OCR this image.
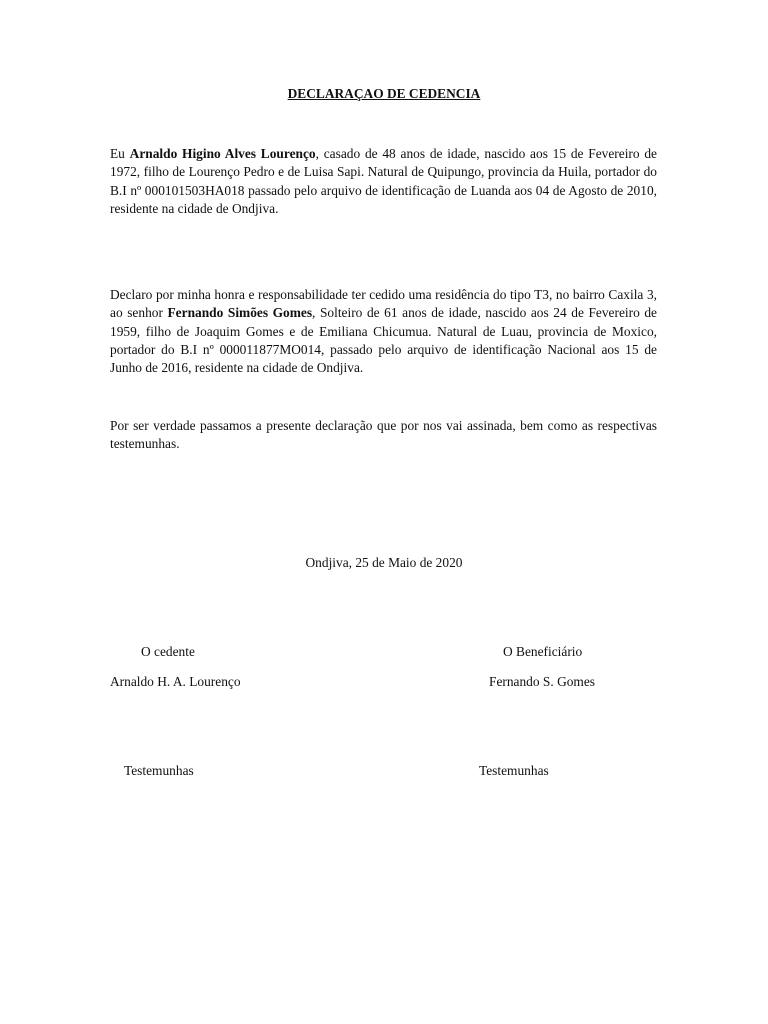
DECLARAÇAO DE CEDENCIA
Eu Arnaldo Higino Alves Lourenço, casado de 48 anos de idade, nascido aos 15 de Fevereiro de 1972, filho de Lourenço Pedro e de Luisa Sapi. Natural de Quipungo, provincia da Huila, portador do B.I nº 000101503HA018 passado pelo arquivo de identificação de Luanda aos 04 de Agosto de 2010, residente na cidade de Ondjiva.
Declaro por minha honra e responsabilidade ter cedido uma residência do tipo T3, no bairro Caxila 3, ao senhor Fernando Simões Gomes, Solteiro de 61 anos de idade, nascido aos 24 de Fevereiro de 1959, filho de Joaquim Gomes e de Emiliana Chicumua. Natural de Luau, provincia de Moxico, portador do B.I nº 000011877MO014, passado pelo arquivo de identificação Nacional aos 15 de Junho de 2016, residente na cidade de Ondjiva.
Por ser verdade passamos a presente declaração que por nos vai assinada, bem como as respectivas testemunhas.
Ondjiva, 25 de Maio de 2020
O cedente	O Beneficiário
Arnaldo H. A. Lourenço	Fernando S. Gomes
Testemunhas	Testemunhas
